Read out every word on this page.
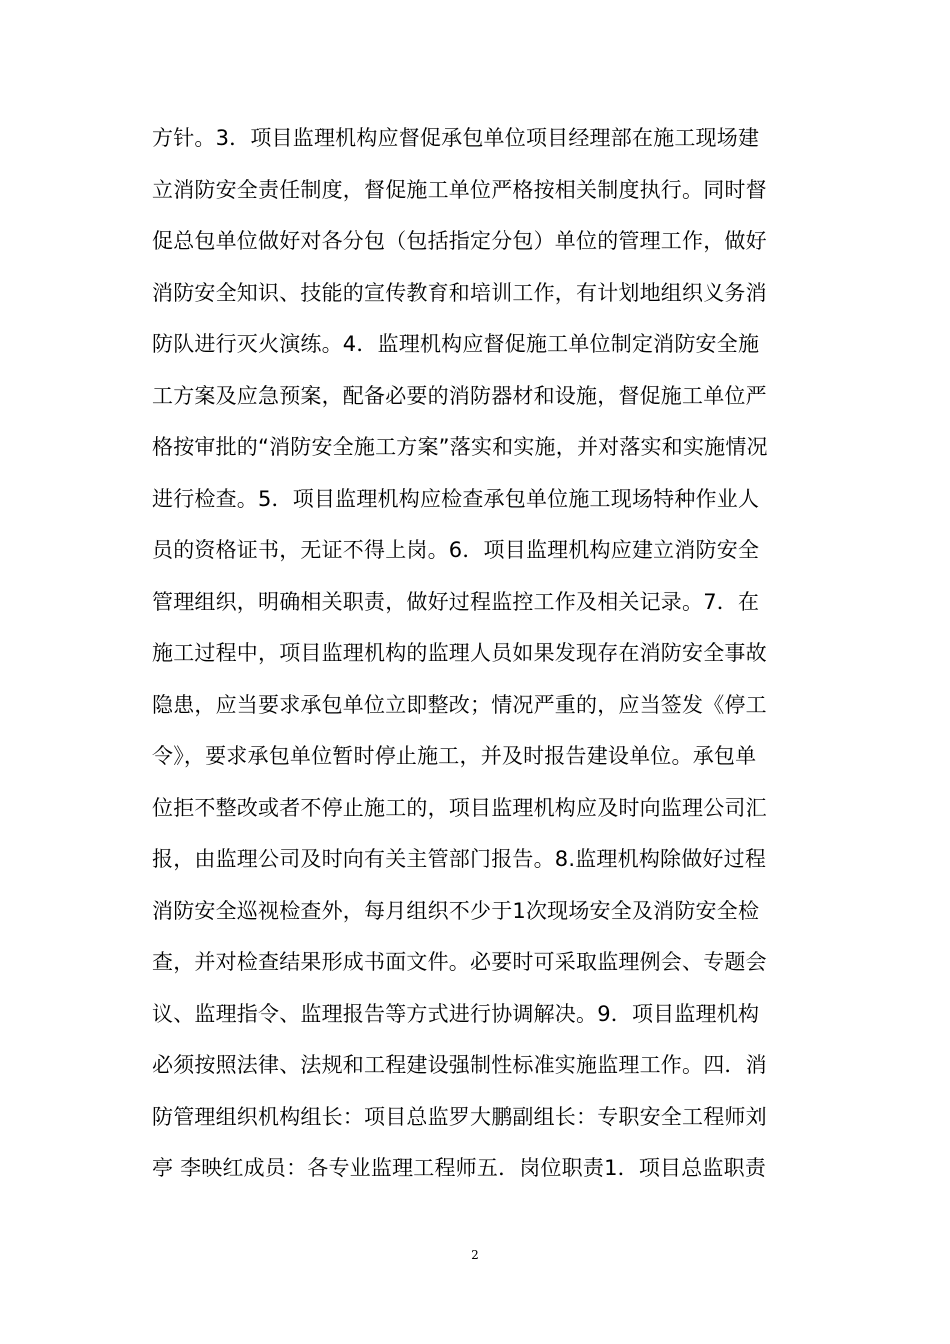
方针。3．项目监理机构应督促承包单位项目经理部在施工现场建
立消防安全责任制度，督促施工单位严格按相关制度执行。同时督
促总包单位做好对各分包（包括指定分包）单位的管理工作，做好
消防安全知识、技能的宣传教育和培训工作，有计划地组织义务消
防队进行灭火演练。4．监理机构应督促施工单位制定消防安全施
工方案及应急预案，配备必要的消防器材和设施，督促施工单位严
格按审批的“消防安全施工方案”落实和实施，并对落实和实施情况
进行检查。5．项目监理机构应检查承包单位施工现场特种作业人
员的资格证书，无证不得上岗。6．项目监理机构应建立消防安全
管理组织，明确相关职责，做好过程监控工作及相关记录。7．在
施工过程中，项目监理机构的监理人员如果发现存在消防安全事故
隐患，应当要求承包单位立即整改；情况严重的，应当签发《停工
令》，要求承包单位暂时停止施工，并及时报告建设单位。承包单
位拒不整改或者不停止施工的，项目监理机构应及时向监理公司汇
报，由监理公司及时向有关主管部门报告。8.监理机构除做好过程
消防安全巡视检查外，每月组织不少于1次现场安全及消防安全检
查，并对检查结果形成书面文件。必要时可采取监理例会、专题会
议、监理指令、监理报告等方式进行协调解决。9．项目监理机构
必须按照法律、法规和工程建设强制性标准实施监理工作。四．消
防管理组织机构组长：项目总监罗大鹏副组长：专职安全工程师刘
亭 李映红成员：各专业监理工程师五．岗位职责1．项目总监职责
2
